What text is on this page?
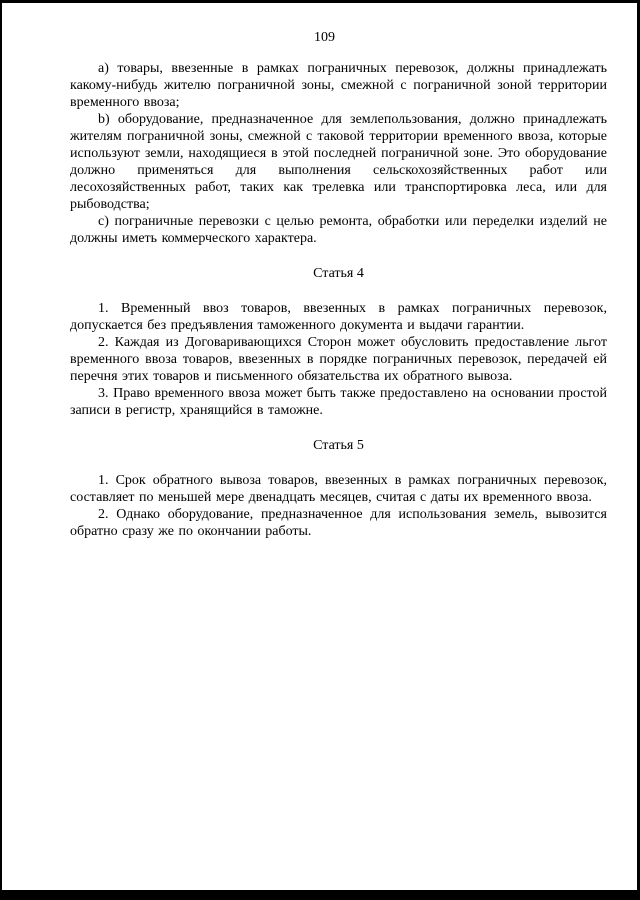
109

а) товары, ввезенные в рамках пограничных перевозок, должны принадлежать какому-нибудь жителю пограничной зоны, смежной с пограничной зоной территории временного ввоза;

b) оборудование, предназначенное для землепользования, должно принадлежать жителям пограничной зоны, смежной с таковой территории временного ввоза, которые используют земли, находящиеся в этой последней пограничной зоне. Это оборудование должно применяться для выполнения сельскохозяйственных работ или лесохозяйственных работ, таких как трелевка или транспортировка леса, или для рыбоводства;

с) пограничные перевозки с целью ремонта, обработки или переделки изделий не должны иметь коммерческого характера.

Статья 4

1. Временный ввоз товаров, ввезенных в рамках пограничных перевозок, допускается без предъявления таможенного документа и выдачи гарантии.

2. Каждая из Договаривающихся Сторон может обусловить предоставление льгот временного ввоза товаров, ввезенных в порядке пограничных перевозок, передачей ей перечня этих товаров и письменного обязательства их обратного вывоза.

3. Право временного ввоза может быть также предоставлено на основании простой записи в регистр, хранящийся в таможне.

Статья 5

1. Срок обратного вывоза товаров, ввезенных в рамках пограничных перевозок, составляет по меньшей мере двенадцать месяцев, считая с даты их временного ввоза.

2. Однако оборудование, предназначенное для использования земель, вывозится обратно сразу же по окончании работы.
